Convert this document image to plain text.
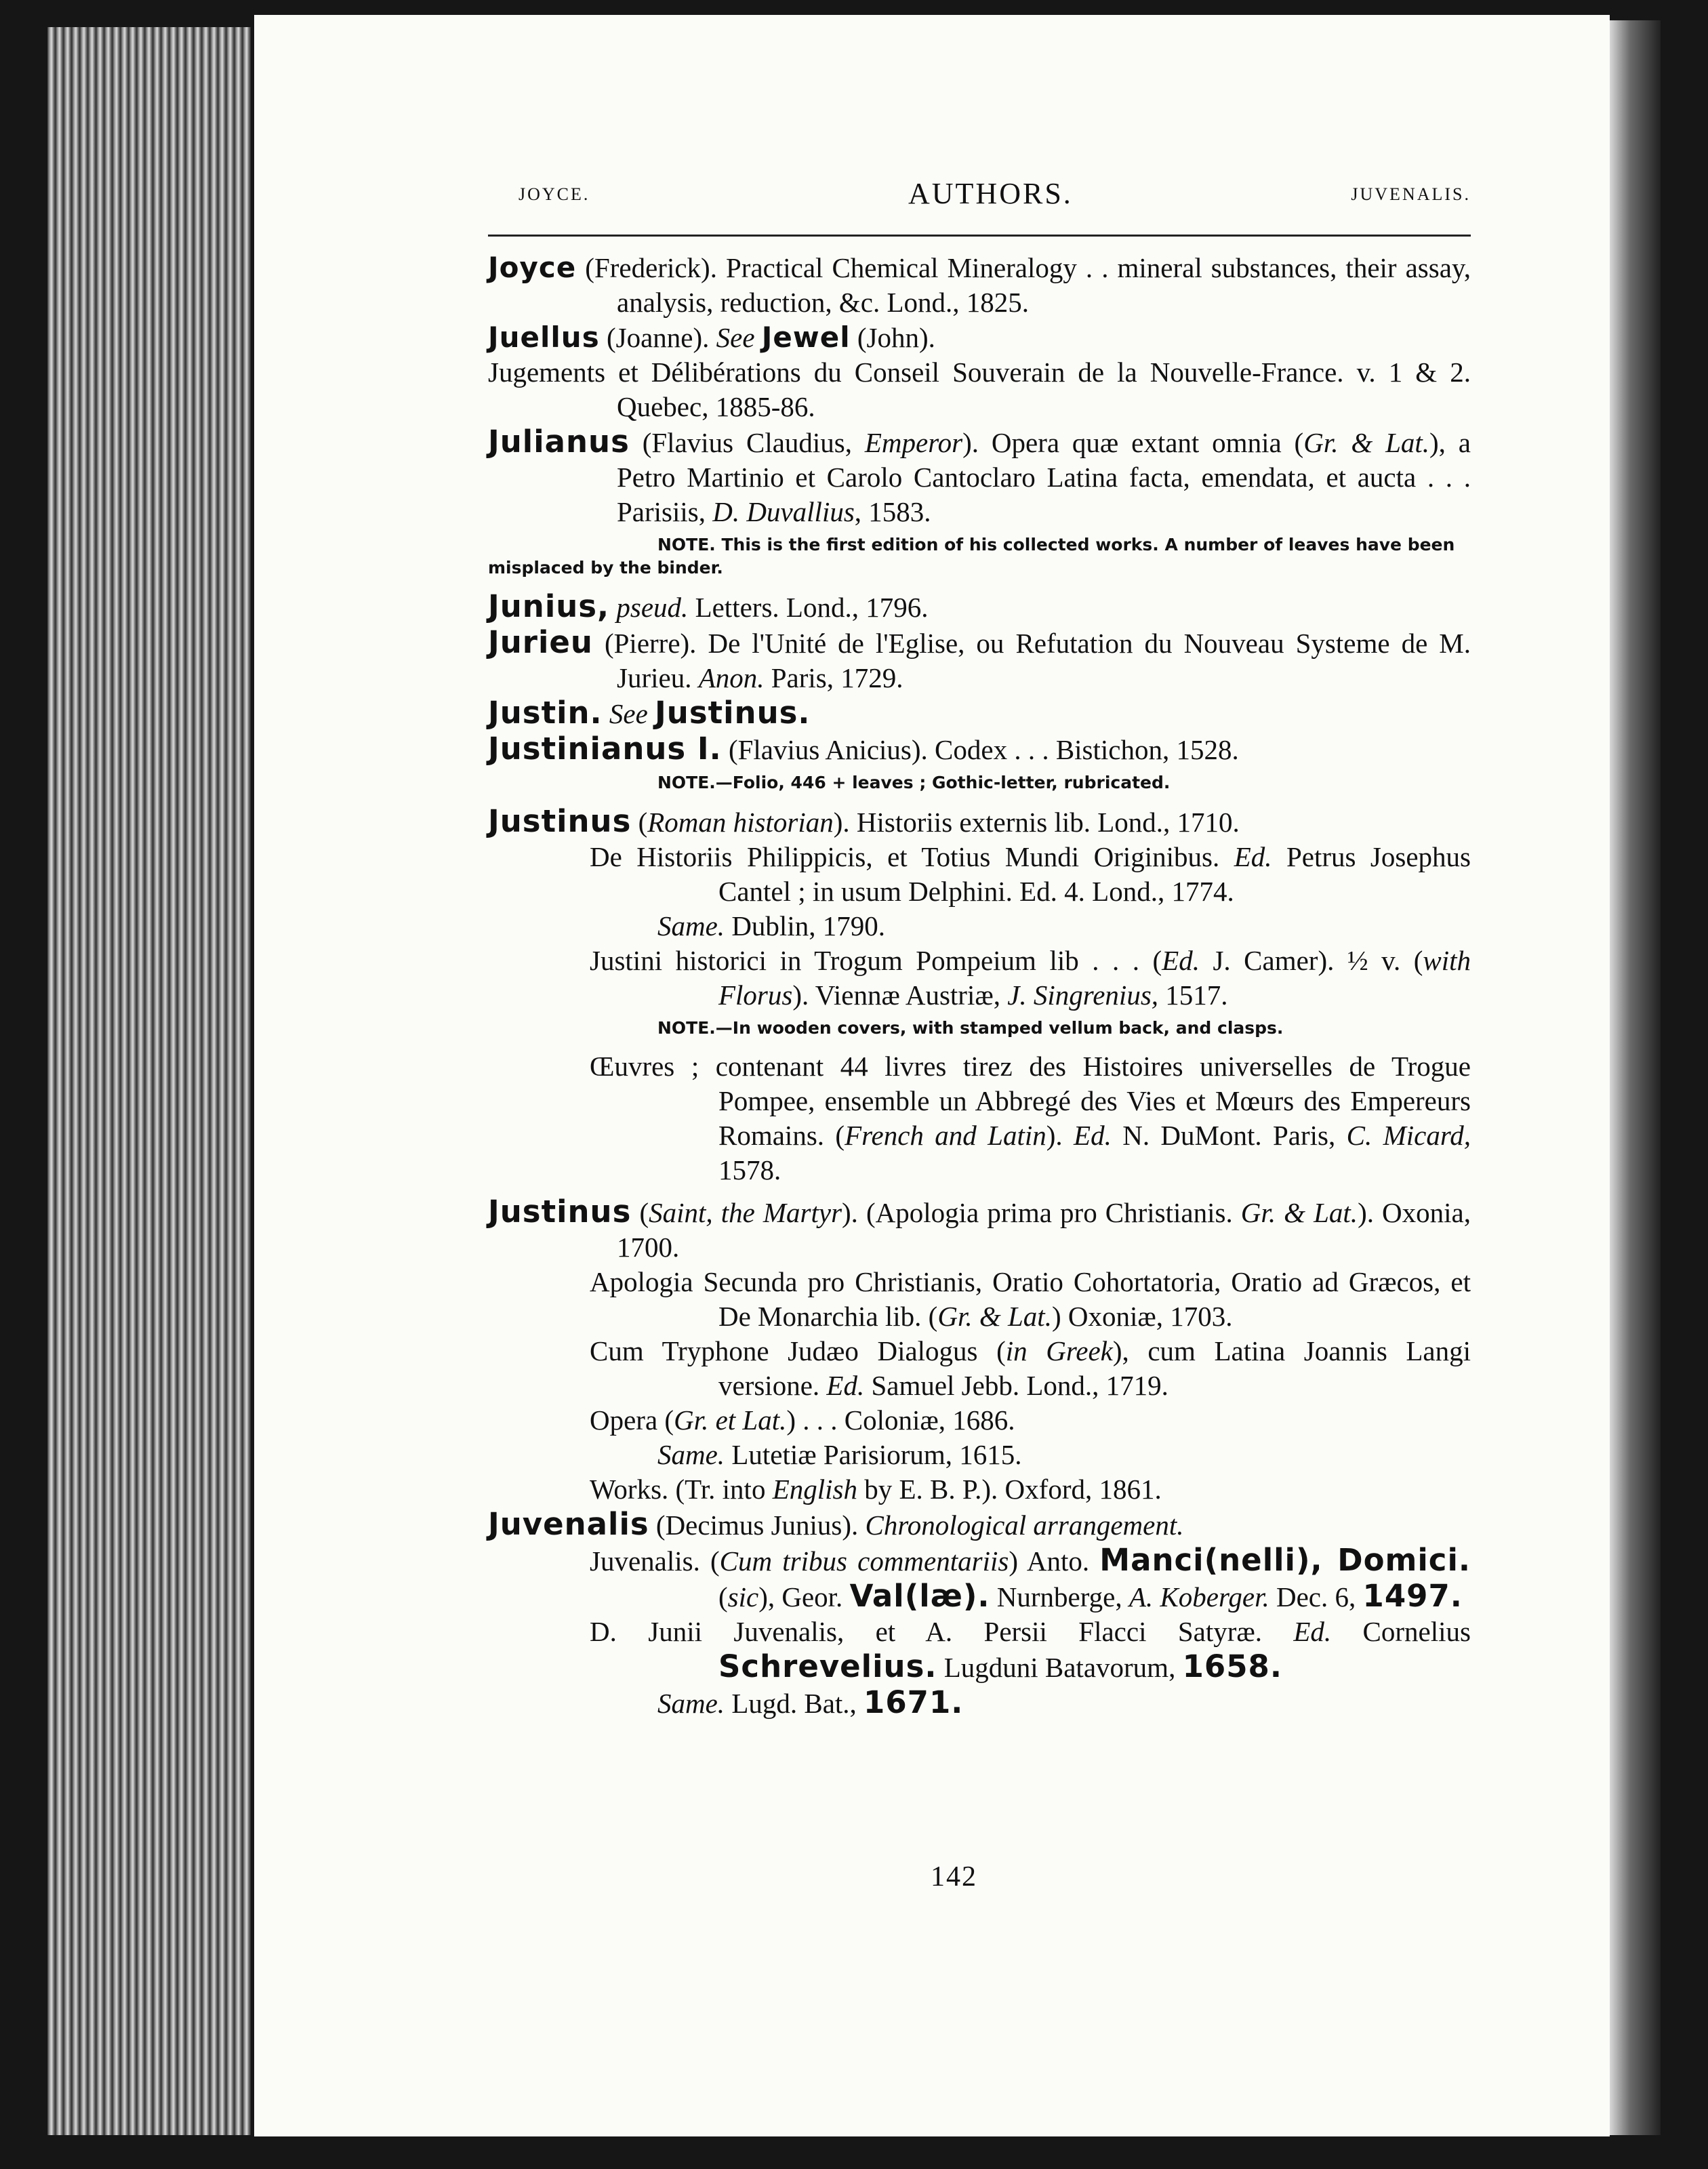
JOYCE.	AUTHORS.	JUVENALIS.
Joyce (Frederick). Practical Chemical Mineralogy . . mineral substances, their assay, analysis, reduction, &c. Lond., 1825.
Juellus (Joanne). See Jewel (John).
Jugements et Délibérations du Conseil Souverain de la Nouvelle-France. v. 1 & 2. Quebec, 1885-86.
Julianus (Flavius Claudius, Emperor). Opera quæ extant omnia (Gr. & Lat.), a Petro Martinio et Carolo Cantoclaro Latina facta, emendata, et aucta . . . Parisiis, D. Duvallius, 1583.
NOTE. This is the first edition of his collected works. A number of leaves have been misplaced by the binder.
Junius, pseud. Letters. Lond., 1796.
Jurieu (Pierre). De l'Unité de l'Eglise, ou Refutation du Nouveau Systeme de M. Jurieu. Anon. Paris, 1729.
Justin. See Justinus.
Justinianus I. (Flavius Anicius). Codex . . . Bistichon, 1528.
NOTE.—Folio, 446 + leaves ; Gothic-letter, rubricated.
Justinus (Roman historian). Historiis externis lib. Lond., 1710.
De Historiis Philippicis, et Totius Mundi Originibus. Ed. Petrus Josephus Cantel ; in usum Delphini. Ed. 4. Lond., 1774.
Same. Dublin, 1790.
Justini historici in Trogum Pompeium lib . . . (Ed. J. Camer). ½ v. (with Florus). Viennæ Austriæ, J. Singrenius, 1517.
NOTE.—In wooden covers, with stamped vellum back, and clasps.
Œuvres ; contenant 44 livres tirez des Histoires universelles de Trogue Pompee, ensemble un Abbregé des Vies et Mœurs des Empereurs Romains. (French and Latin). Ed. N. DuMont. Paris, C. Micard, 1578.
Justinus (Saint, the Martyr). (Apologia prima pro Christianis. Gr. & Lat.). Oxonia, 1700.
Apologia Secunda pro Christianis, Oratio Cohortatoria, Oratio ad Græcos, et De Monarchia lib. (Gr. & Lat.) Oxoniæ, 1703.
Cum Tryphone Judæo Dialogus (in Greek), cum Latina Joannis Langi versione. Ed. Samuel Jebb. Lond., 1719.
Opera (Gr. et Lat.) . . . Coloniæ, 1686.
Same. Lutetiæ Parisiorum, 1615.
Works. (Tr. into English by E. B. P.). Oxford, 1861.
Juvenalis (Decimus Junius). Chronological arrangement.
Juvenalis. (Cum tribus commentariis) Anto. Manci(nelli), Domici. (sic), Geor. Val(læ). Nurnberge, A. Koberger. Dec. 6, 1497.
D. Junii Juvenalis, et A. Persii Flacci Satyræ. Ed. Cornelius Schrevelius. Lugduni Batavorum, 1658.
Same. Lugd. Bat., 1671.
142
